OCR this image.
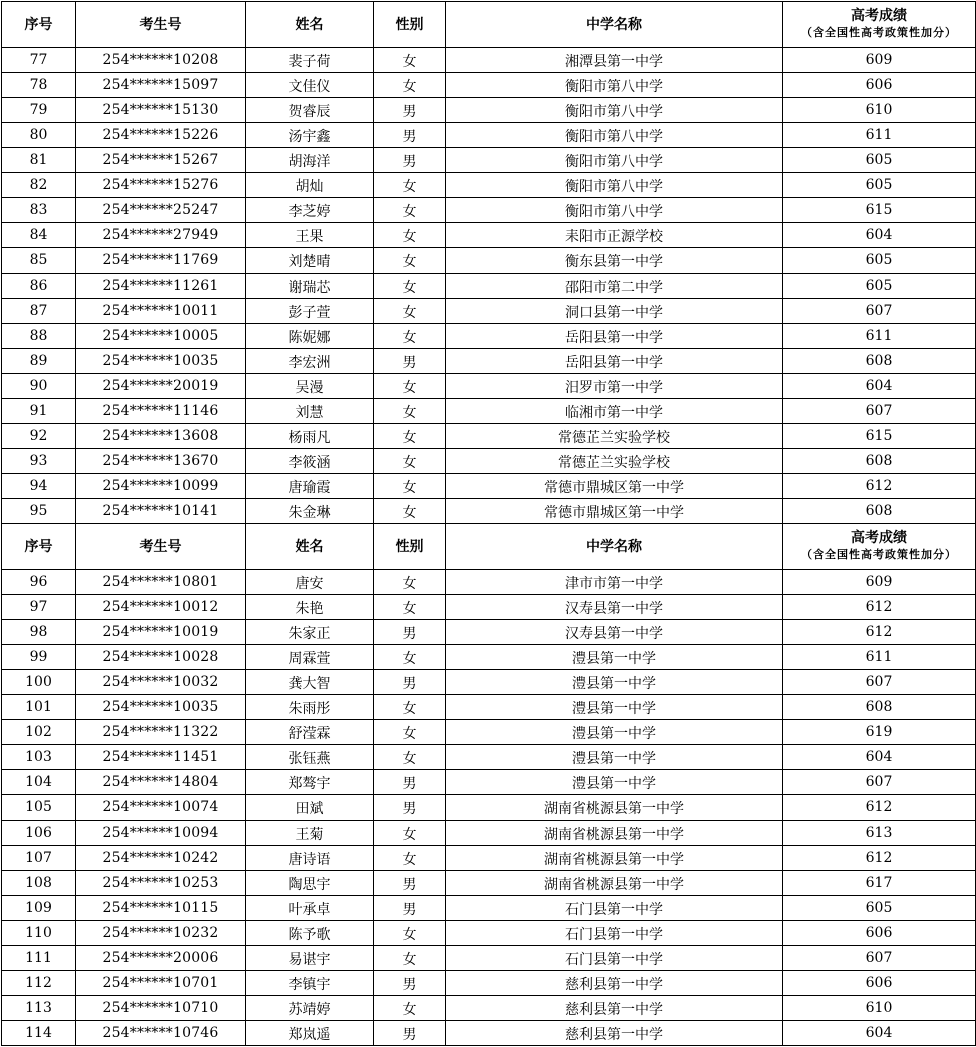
序号	考生号	姓名	性别	中学名称	高考成绩
（含全国性高考政策性加分）

77	254******10208	裴子荷	女	湘潭县第一中学	609
78	254******15097	文佳仪	女	衡阳市第八中学	606
79	254******15130	贺睿辰	男	衡阳市第八中学	610
80	254******15226	汤宇鑫	男	衡阳市第八中学	611
81	254******15267	胡海洋	男	衡阳市第八中学	605
82	254******15276	胡灿	女	衡阳市第八中学	605
83	254******25247	李芝婷	女	衡阳市第八中学	615
84	254******27949	王果	女	耒阳市正源学校	604
85	254******11769	刘楚晴	女	衡东县第一中学	605
86	254******11261	谢瑞芯	女	邵阳市第二中学	605
87	254******10011	彭子萱	女	洞口县第一中学	607
88	254******10005	陈妮娜	女	岳阳县第一中学	611
89	254******10035	李宏洲	男	岳阳县第一中学	608
90	254******20019	吴漫	女	汨罗市第一中学	604
91	254******11146	刘慧	女	临湘市第一中学	607
92	254******13608	杨雨凡	女	常德芷兰实验学校	615
93	254******13670	李筱涵	女	常德芷兰实验学校	608
94	254******10099	唐瑜霞	女	常德市鼎城区第一中学	612
95	254******10141	朱金琳	女	常德市鼎城区第一中学	608
序号	考生号	姓名	性别	中学名称	高考成绩
（含全国性高考政策性加分）

96	254******10801	唐安	女	津市市第一中学	609
97	254******10012	朱艳	女	汉寿县第一中学	612
98	254******10019	朱家正	男	汉寿县第一中学	612
99	254******10028	周霖萱	女	澧县第一中学	611
100	254******10032	龚大智	男	澧县第一中学	607
101	254******10035	朱雨彤	女	澧县第一中学	608
102	254******11322	舒滢霖	女	澧县第一中学	619
103	254******11451	张钰燕	女	澧县第一中学	604
104	254******14804	郑骜宇	男	澧县第一中学	607
105	254******10074	田斌	男	湖南省桃源县第一中学	612
106	254******10094	王菊	女	湖南省桃源县第一中学	613
107	254******10242	唐诗语	女	湖南省桃源县第一中学	612
108	254******10253	陶思宇	男	湖南省桃源县第一中学	617
109	254******10115	叶承卓	男	石门县第一中学	605
110	254******10232	陈予歌	女	石门县第一中学	606
111	254******20006	易谌宇	女	石门县第一中学	607
112	254******10701	李镇宇	男	慈利县第一中学	606
113	254******10710	苏靖婷	女	慈利县第一中学	610
114	254******10746	郑岚遥	男	慈利县第一中学	604
